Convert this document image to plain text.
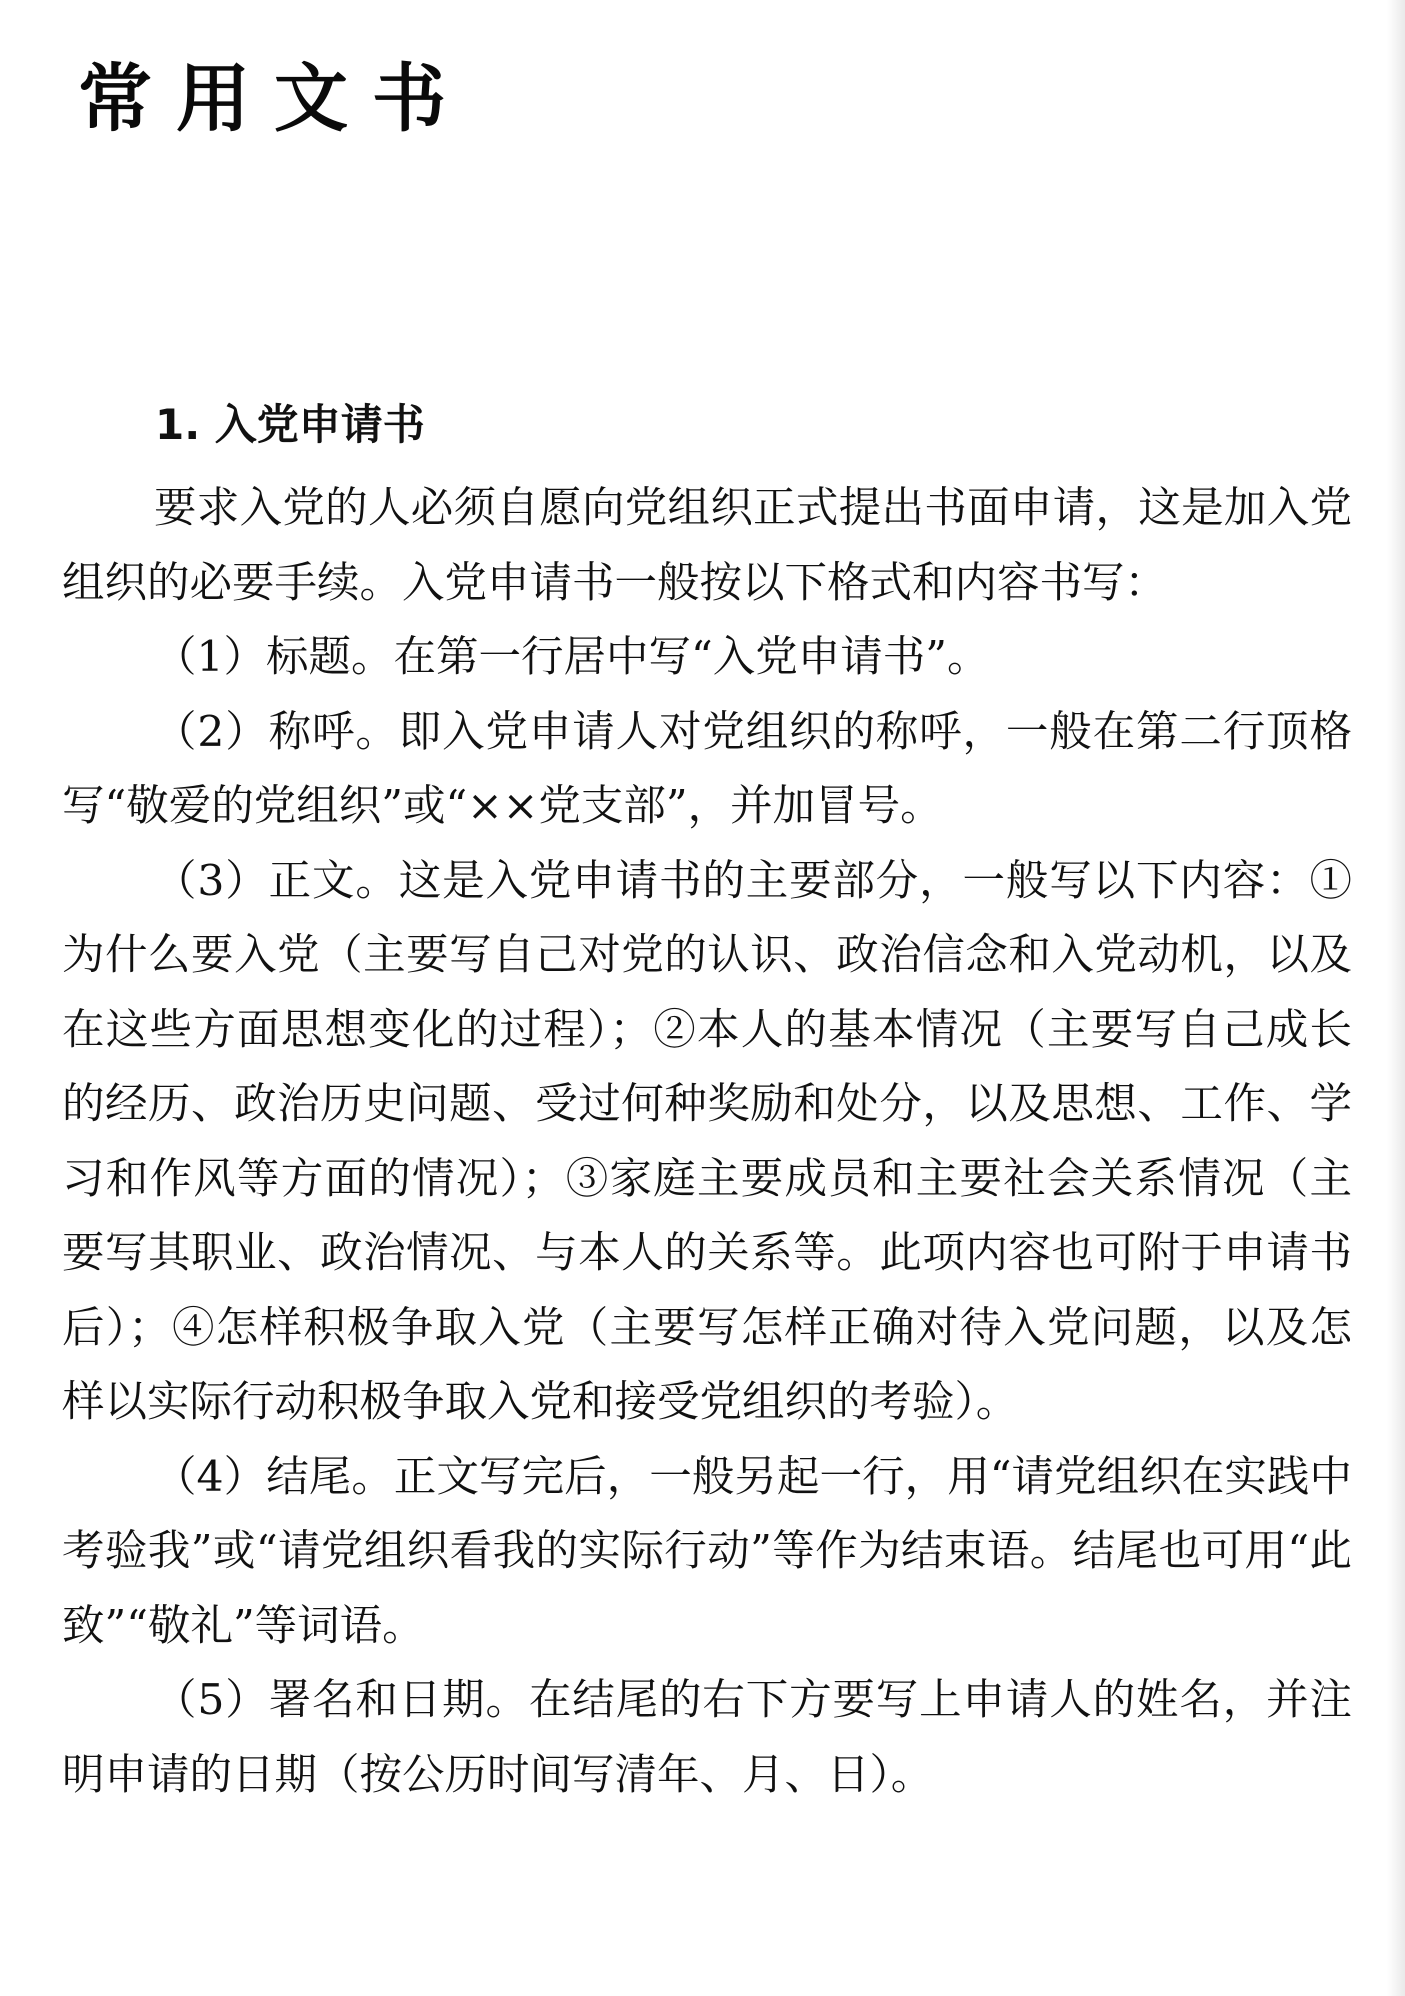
常用文书
1. 入党申请书

要求入党的人必须自愿向党组织正式提出书面申请，这是加入党组织的必要手续。入党申请书一般按以下格式和内容书写：

（1）标题。在第一行居中写“入党申请书”。

（2）称呼。即入党申请人对党组织的称呼，一般在第二行顶格写“敬爱的党组织”或“××党支部”，并加冒号。

（3）正文。这是入党申请书的主要部分，一般写以下内容：①为什么要入党（主要写自己对党的认识、政治信念和入党动机，以及在这些方面思想变化的过程）；②本人的基本情况（主要写自己成长的经历、政治历史问题、受过何种奖励和处分，以及思想、工作、学习和作风等方面的情况）；③家庭主要成员和主要社会关系情况（主要写其职业、政治情况、与本人的关系等。此项内容也可附于申请书后）；④怎样积极争取入党（主要写怎样正确对待入党问题，以及怎样以实际行动积极争取入党和接受党组织的考验）。

（4）结尾。正文写完后，一般另起一行，用“请党组织在实践中考验我”或“请党组织看我的实际行动”等作为结束语。结尾也可用“此致”“敬礼”等词语。

（5）署名和日期。在结尾的右下方要写上申请人的姓名，并注明申请的日期（按公历时间写清年、月、日）。
